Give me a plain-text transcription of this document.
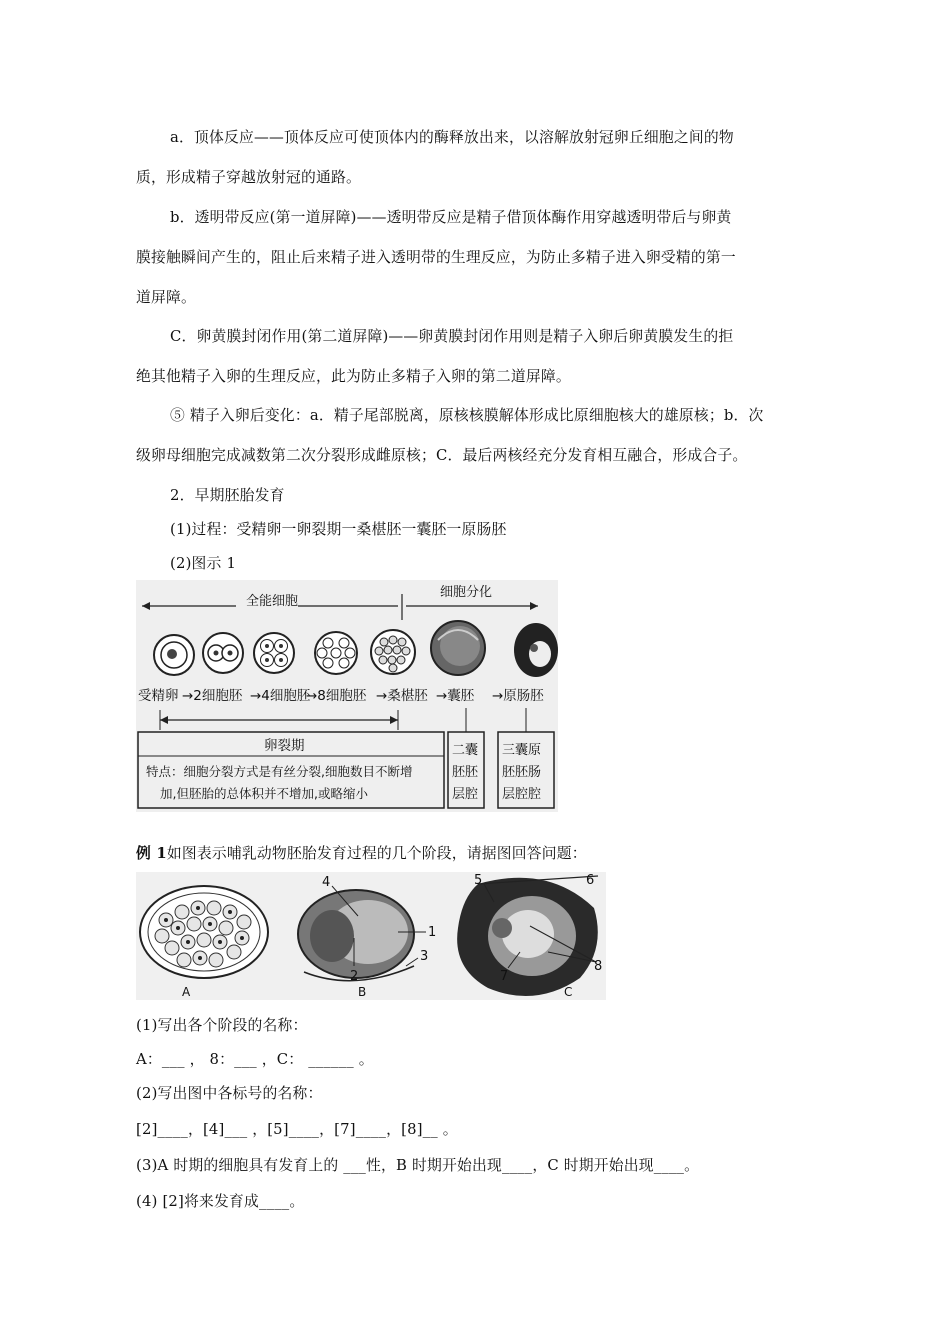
a．顶体反应——顶体反应可使顶体内的酶释放出来，以溶解放射冠卵丘细胞之间的物
质，形成精子穿越放射冠的通路。
b．透明带反应(第一道屏障)——透明带反应是精子借顶体酶作用穿越透明带后与卵黄
膜接触瞬间产生的，阻止后来精子进入透明带的生理反应，为防止多精子进入卵受精的第一
道屏障。
C．卵黄膜封闭作用(第二道屏障)——卵黄膜封闭作用则是精子入卵后卵黄膜发生的拒
绝其他精子入卵的生理反应，此为防止多精子入卵的第二道屏障。
⑤ 精子入卵后变化：a．精子尾部脱离，原核核膜解体形成比原细胞核大的雄原核；b．次
级卵母细胞完成减数第二次分裂形成雌原核；C．最后两核经充分发育相互融合，形成合子。
2．早期胚胎发育
(1)过程：受精卵一卵裂期一桑椹胚一囊胚一原肠胚
(2)图示 1
全能细胞
细胞分化
受精卵 →2细胞胚 →4细胞胚
→8细胞胚 →桑椹胚 →囊胚 →原肠胚
卵裂期
特点：细胞分裂方式是有丝分裂,细胞数目不断增
加,但胚胎的总体积并不增加,或略缩小
二囊
胚胚
层腔
三囊原
胚胚肠
层腔腔
例 1如图表示哺乳动物胚胎发育过程的几个阶段，请据图回答问题：
1
2
3
4	5	6
7
8
A	B	C
(1)写出各个阶段的名称：
A：___ ， 8：___ ，C： ______ 。
(2)写出图中各标号的名称：
[2]____，[4]___ ，[5]____，[7]____，[8]__ 。
(3)A 时期的细胞具有发育上的 ___性，B 时期开始出现____，C 时期开始出现____。
(4) [2]将来发育成____。
